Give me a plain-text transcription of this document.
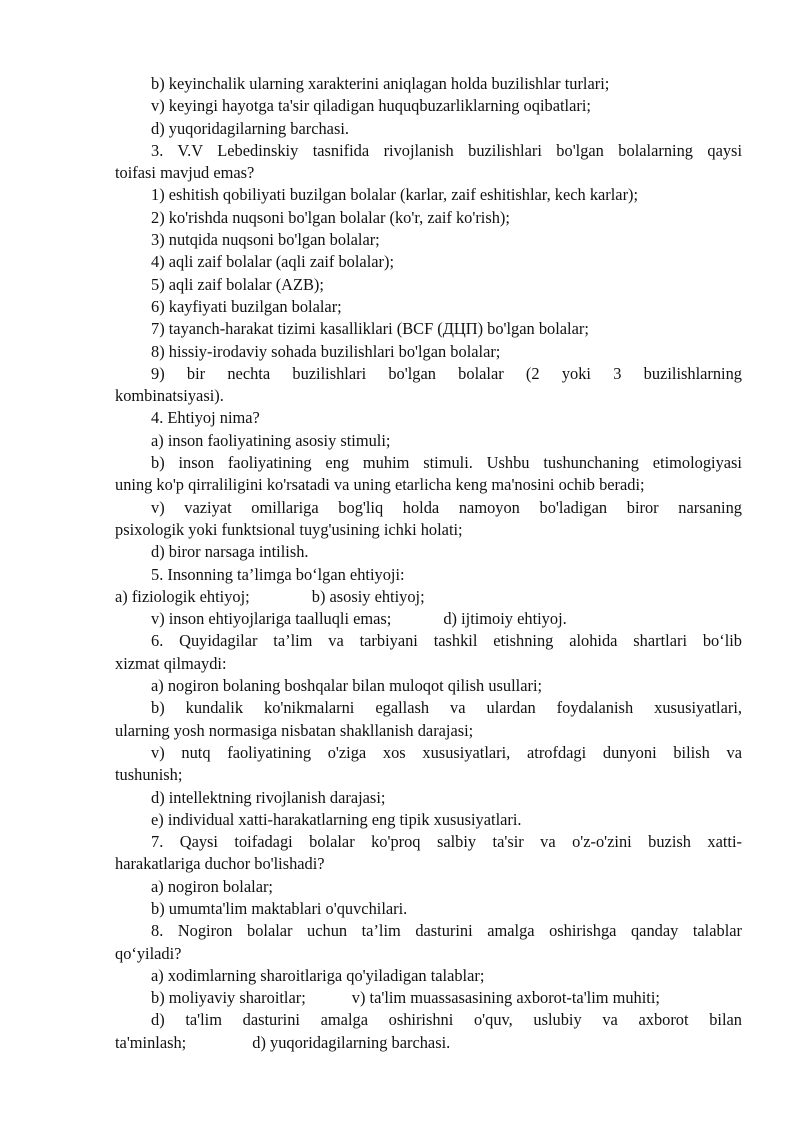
b) keyinchalik ularning xarakterini aniqlagan holda buzilishlar turlari;
v) keyingi hayotga ta'sir qiladigan huquqbuzarliklarning oqibatlari;
d) yuqoridagilarning barchasi.
3. V.V Lebedinskiy tasnifida rivojlanish buzilishlari bo'lgan bolalarning qaysi
toifasi mavjud emas?
1) eshitish qobiliyati buzilgan bolalar (karlar, zaif eshitishlar, kech karlar);
2) ko'rishda nuqsoni bo'lgan bolalar (ko'r, zaif ko'rish);
3) nutqida nuqsoni bo'lgan bolalar;
4) aqli zaif bolalar (aqli zaif bolalar);
5) aqli zaif bolalar (AZB);
6) kayfiyati buzilgan bolalar;
7) tayanch-harakat tizimi kasalliklari (BCF (ДЦП) bo'lgan bolalar;
8) hissiy-irodaviy sohada buzilishlari bo'lgan bolalar;
9) bir nechta buzilishlari bo'lgan bolalar (2 yoki 3 buzilishlarning
kombinatsiyasi).
4. Ehtiyoj nima?
a) inson faoliyatining asosiy stimuli;
b) inson faoliyatining eng muhim stimuli. Ushbu tushunchaning etimologiyasi
uning ko'p qirraliligini ko'rsatadi va uning etarlicha keng ma'nosini ochib beradi;
v) vaziyat omillariga bog'liq holda namoyon bo'ladigan biror narsaning
psixologik yoki funktsional tuyg'usining ichki holati;
d) biror narsaga intilish.
5. Insonning ta’limga bo‘lgan ehtiyoji:
a) fiziologik ehtiyoj;	b) asosiy ehtiyoj;
v) inson ehtiyojlariga taalluqli emas;	d) ijtimoiy ehtiyoj.
6. Quyidagilar ta’lim va tarbiyani tashkil etishning alohida shartlari bo‘lib
xizmat qilmaydi:
a) nogiron bolaning boshqalar bilan muloqot qilish usullari;
b) kundalik ko'nikmalarni egallash va ulardan foydalanish xususiyatlari,
ularning yosh normasiga nisbatan shakllanish darajasi;
v) nutq faoliyatining o'ziga xos xususiyatlari, atrofdagi dunyoni bilish va
tushunish;
d) intellektning rivojlanish darajasi;
e) individual xatti-harakatlarning eng tipik xususiyatlari.
7. Qaysi toifadagi bolalar ko'proq salbiy ta'sir va o'z-o'zini buzish xatti-
harakatlariga duchor bo'lishadi?
a) nogiron bolalar;
b) umumta'lim maktablari o'quvchilari.
8. Nogiron bolalar uchun ta’lim dasturini amalga oshirishga qanday talablar
qo‘yiladi?
a) xodimlarning sharoitlariga qo'yiladigan talablar;
b) moliyaviy sharoitlar;	v) ta'lim muassasasining axborot-ta'lim muhiti;
d) ta'lim dasturini amalga oshirishni o'quv, uslubiy va axborot bilan
ta'minlash;	d) yuqoridagilarning barchasi.
